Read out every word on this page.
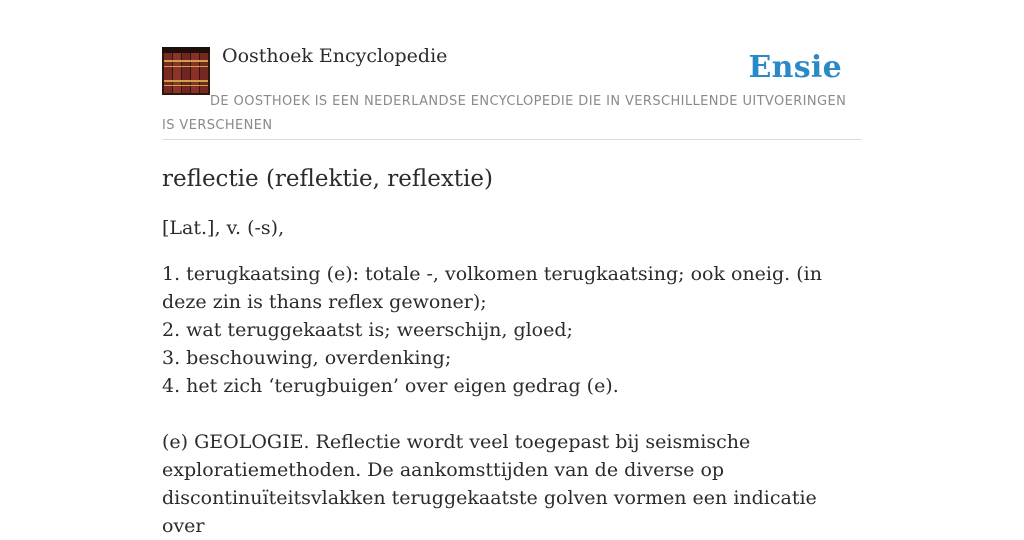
Oosthoek Encyclopedie	Ensie
DE OOSTHOEK IS EEN NEDERLANDSE ENCYCLOPEDIE DIE IN VERSCHILLENDE UITVOERINGEN IS VERSCHENEN
reflectie (reflektie, reflextie)

[Lat.], v. (-s),

1. terugkaatsing (e): totale -, volkomen terugkaatsing; ook oneig. (in deze zin is thans reflex gewoner);
2. wat teruggekaatst is; weerschijn, gloed;
3. beschouwing, overdenking;
4. het zich ‘terugbuigen’ over eigen gedrag (e).

(e) GEOLOGIE. Reflectie wordt veel toegepast bij seismische exploratiemethoden. De aankomsttijden van de diverse op discontinuïteitsvlakken teruggekaatste golven vormen een indicatie over
